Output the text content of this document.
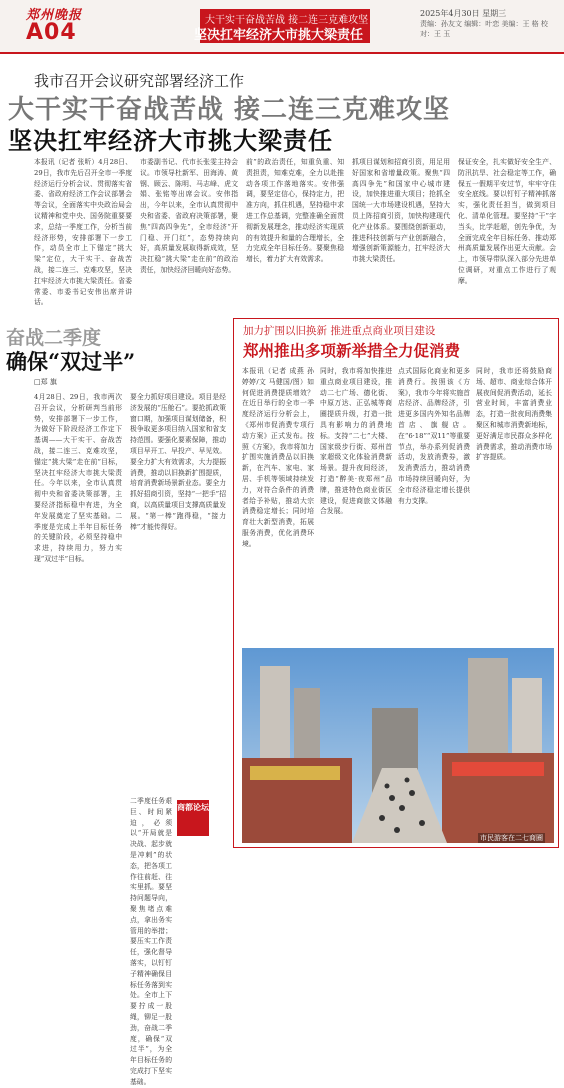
郑州晚报
A04	大干实干奋战苦战 接二连三克难攻坚
坚决扛牢经济大市挑大梁责任
2025年4月30日 星期三
责编：孙友文 编辑：叶恋 美编：王 格 校对：王 玉
我市召开会议研究部署经济工作
大干实干奋战苦战 接二连三克难攻坚
坚决扛牢经济大市挑大梁责任
本报讯（记者 张昕）4月28日、29日，我市先后召开全市一季度经济运行分析会议、贯彻落实省委、省政府经济工作会议部署会等会议，全面落实中央政治局会议精神和党中央、国务院重要要求，总结一季度工作，分析当前经济形势，安排部署下一步工作，动员全市上下锚定“挑大梁”定位，大干实干、奋战苦战，接二连三、克难攻坚，坚决扛牢经济大市挑大梁责任。省委常委、市委书记安伟出席并讲话。
市委副书记、代市长张雯主持会议。市领导杜新军、田海涛、黄钢、顾云、陈明、马志峰、虎文娟、张铭等出席会议。安伟指出，今年以来，全市认真贯彻中央和省委、省政府决策部署，聚焦“四高四争先”，全市经济“开门稳、开门红”，态势持续向好，高质量发展取得新成效，坚决扛稳“挑大梁”走在前”的政治责任，加快经济回暖向好态势。
前”的政治责任，知重负重、知责担责，知难克难，全力以赴推动各项工作落地落实。安伟强调，要坚定信心，保持定力，把准方向，抓住机遇，坚持稳中求进工作总基调，完整准确全面贯彻新发展理念，推动经济实现质的有效提升和量的合理增长，全力完成全年目标任务。要聚焦稳增长，着力扩大有效需求。
抓项目谋划和招商引资，用足用好国家和省增量政策。聚焦“四高四争先”和国家中心城市建设，加快推进重大项目；抢抓全国统一大市场建设机遇，坚持大员上阵招商引资，加快构建现代化产业体系。要围绕创新驱动，推进科技创新与产业创新融合，增强创新策源能力，扛牢经济大市挑大梁责任。
保证安全，扎实做好安全生产、防汛抗旱、社会稳定等工作，确保五一假期平安过节，牢牢守住安全底线。要以钉钉子精神抓落实，强化责任担当，做到项目化、清单化管理。要坚持“干”字当头，比学赶超，创先争优，为全面完成全年目标任务、推动郑州高质量发展作出更大贡献。会上，市领导带队深入部分先进单位调研，对重点工作进行了观摩。
奋战二季度
确保“双过半”
□郑 旗
4月28日、29日，我市两次召开会议，分析研判当前形势，安排部署下一步工作，为做好下阶段经济工作定下基调——大干实干、奋战苦战，接二连三、克难攻坚，锚定“挑大梁”走在前”目标，坚决扛牢经济大市挑大梁责任。今年以来，全市认真贯彻中央和省委决策部署，主要经济指标稳中有进，为全年发展奠定了坚实基础。二季度是完成上半年目标任务的关键阶段，必须坚持稳中求进，持续用力，努力实现“双过半”目标。
要全力抓好项目建设。项目是经济发展的“压舱石”。要抢抓政策窗口期，加强项目谋划储备，积极争取更多项目纳入国家和省支持范围。要强化要素保障，推动项目早开工、早投产、早见效。要全力扩大有效需求，大力提振消费，推动以旧换新扩围提质，培育消费新场景新业态。要全力抓好招商引资，坚持“一把手”招商，以高质量项目支撑高质量发展。“第一棒”跑得稳，“接力棒”才能传得好。
二季度任务艰巨、时间紧迫，必须以“开局就是决战、起步就是冲刺”的状态，把各项工作往前赶、往实里抓。要坚持问题导向，聚焦堵点难点，拿出务实管用的举措；要压实工作责任，强化督导落实，以钉钉子精神确保目标任务落到实处。全市上下要拧成一股绳，铆足一股劲，奋战二季度，确保“双过半”，为全年目标任务的完成打下坚实基础。
商都论坛
加力扩围以旧换新 推进重点商业项目建设
郑州推出多项新举措全力促消费
本报讯（记者 成燕 孙婷婷/文 马健国/图）如何促进消费提质增效？在近日举行的全市一季度经济运行分析会上，《郑州市促消费专项行动方案》正式发布。按照《方案》，我市将加力扩围实施消费品以旧换新，在汽车、家电、家居、手机等领域持续发力，对符合条件的消费者给予补贴，推动大宗消费稳定增长；同时培育壮大新型消费，拓展服务消费，优化消费环境。
同时，我市将加快推进重点商业项目建设，推动二七广场、德化街、中原万达、正弘城等商圈提质升级，打造一批具有影响力的消费地标。支持“二七”大楼、国家级步行街、郑州首家超级文化体验消费新场景。提升夜间经济，打造“醉美·夜郑州”品牌，推进特色商业街区建设，促进商旅文体融合发展。
点式国际化商业和更多消费行。按照该《方案》，我市今年将实施首店经济、品牌经济，引进更多国内外知名品牌首店、旗舰店。在“6·18”“双11”等重要节点，举办系列促消费活动，发放消费券，激发消费活力，推动消费市场持续回暖向好，为全市经济稳定增长提供有力支撑。
同时，我市还将鼓励商场、超市、商业综合体开展夜间促消费活动，延长营业时间，丰富消费业态，打造一批夜间消费集聚区和城市消费新地标，更好满足市民群众多样化消费需求，推动消费市场扩容提质。
市民游客在二七商圈
